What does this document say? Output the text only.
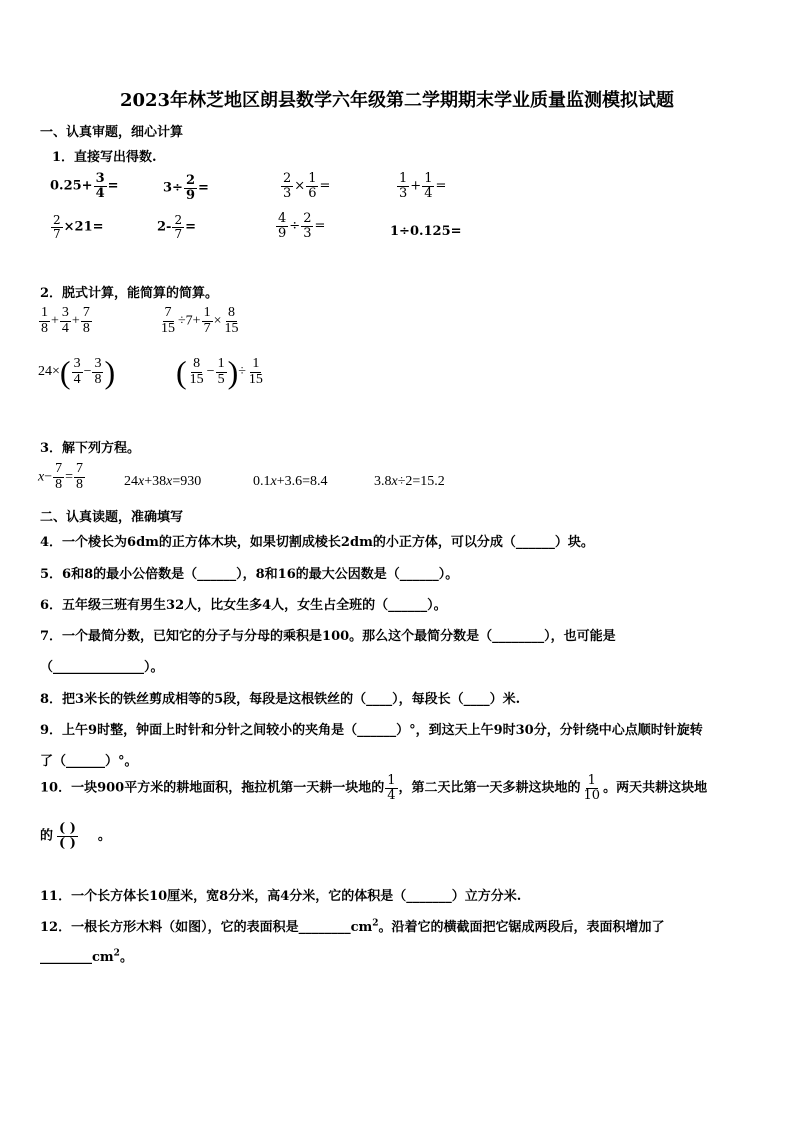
2023年林芝地区朗县数学六年级第二学期期末学业质量监测模拟试题
一、认真审题，细心计算
1．直接写出得数.
$0.25+ \frac{3}{4}$ =	$3\div \frac{2}{9}$ =	$\frac{2}{3} \times \frac{1}{6}$ =	$\frac{1}{3} + \frac{1}{4}$ =
$\frac{2}{7} \times 21=$	$2- \frac{2}{7}$ =	$\frac{4}{9} \div \frac{2}{3}$ =	1÷0.125=
2．脱式计算，能简算的简算。
$\frac{1}{8} + \frac{3}{4} + \frac{7}{8}$	$\frac{7}{15} \div 7+ \frac{1}{7} \times \frac{8}{15}$
$24\times( \frac{3}{4} - \frac{3}{8}$ ) ( $\frac{8}{15} - \frac{1}{5}$ )÷ $\frac{1}{15}$
3．解下列方程。
$x- \frac{7}{8} = \frac{7}{8}$	24x+38x=930	0.1x+3.6=8.4	3.8x÷2=15.2
二、认真读题，准确填写
4．一个棱长为6dm的正方体木块，如果切割成棱长2dm的小正方体，可以分成（______）块。
5．6和8的最小公倍数是（______），8和16的最大公因数是（______）。
6．五年级三班有男生32人，比女生多4人，女生占全班的（______）。
7．一个最简分数，已知它的分子与分母的乘积是100。那么这个最简分数是（________），也可能是
（______________）。
8．把3米长的铁丝剪成相等的5段，每段是这根铁丝的（____），每段长（____）米.
9．上午9时整，钟面上时针和分针之间较小的夹角是（______）°，到这天上午9时30分，分针绕中心点顺时针旋转
了（______）°。
10．一块900平方米的耕地面积，拖拉机第一天耕一块地的 $\frac{1}{4}$ ，第二天比第一天多耕这块地的 $\frac{1}{10}$ 。两天共耕这块地
的 $\frac{( )}{( )}$ 。
11．一个长方体长10厘米，宽8分米，高4分米，它的体积是（_______）立方分米.
12．一根长方形木料（如图），它的表面积是$\_\_\_\_\_\_\_\_cm^2$。沿着它的横截面把它锯成两段后，表面积增加了
$\_\_\_\_\_\_\_\_cm^2$。
